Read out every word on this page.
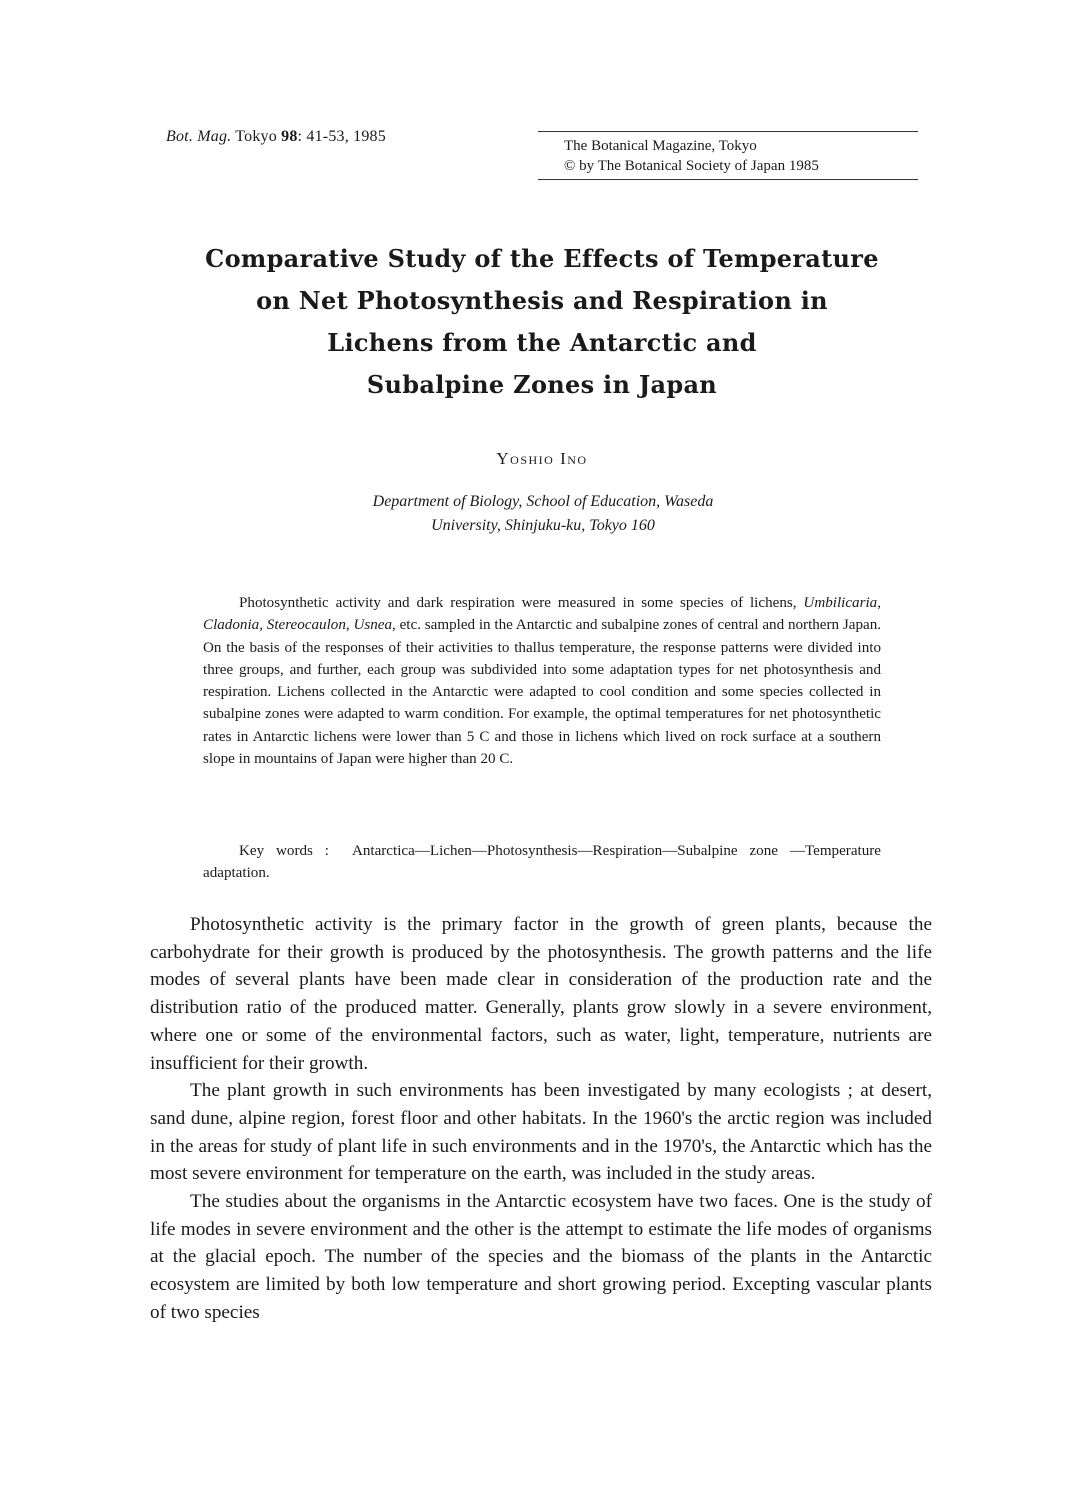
Bot. Mag. Tokyo 98: 41-53, 1985
The Botanical Magazine, Tokyo
© by The Botanical Society of Japan 1985
Comparative Study of the Effects of Temperature
on Net Photosynthesis and Respiration in
Lichens from the Antarctic and
Subalpine Zones in Japan
Yoshio Ino
Department of Biology, School of Education, Waseda
University, Shinjuku-ku, Tokyo 160

Photosynthetic activity and dark respiration were measured in some species of lichens, Umbilicaria, Cladonia, Stereocaulon, Usnea, etc. sampled in the Antarctic and subalpine zones of central and northern Japan. On the basis of the responses of their activities to thallus temperature, the response patterns were divided into three groups, and further, each group was subdivided into some adaptation types for net photosynthesis and respiration. Lichens collected in the Antarctic were adapted to cool condition and some species collected in subalpine zones were adapted to warm condition. For example, the optimal temperatures for net photosynthetic rates in Antarctic lichens were lower than 5 C and those in lichens which lived on rock surface at a southern slope in mountains of Japan were higher than 20 C.

Key words : Antarctica—Lichen—Photosynthesis—Respiration—Subalpine zone —Temperature adaptation.

Photosynthetic activity is the primary factor in the growth of green plants, because the carbohydrate for their growth is produced by the photosynthesis. The growth patterns and the life modes of several plants have been made clear in consideration of the production rate and the distribution ratio of the produced matter. Generally, plants grow slowly in a severe environment, where one or some of the environmental factors, such as water, light, temperature, nutrients are insufficient for their growth.

The plant growth in such environments has been investigated by many ecologists ; at desert, sand dune, alpine region, forest floor and other habitats. In the 1960's the arctic region was included in the areas for study of plant life in such environments and in the 1970's, the Antarctic which has the most severe environment for temperature on the earth, was included in the study areas.

The studies about the organisms in the Antarctic ecosystem have two faces. One is the study of life modes in severe environment and the other is the attempt to estimate the life modes of organisms at the glacial epoch. The number of the species and the biomass of the plants in the Antarctic ecosystem are limited by both low temperature and short growing period. Excepting vascular plants of two species
